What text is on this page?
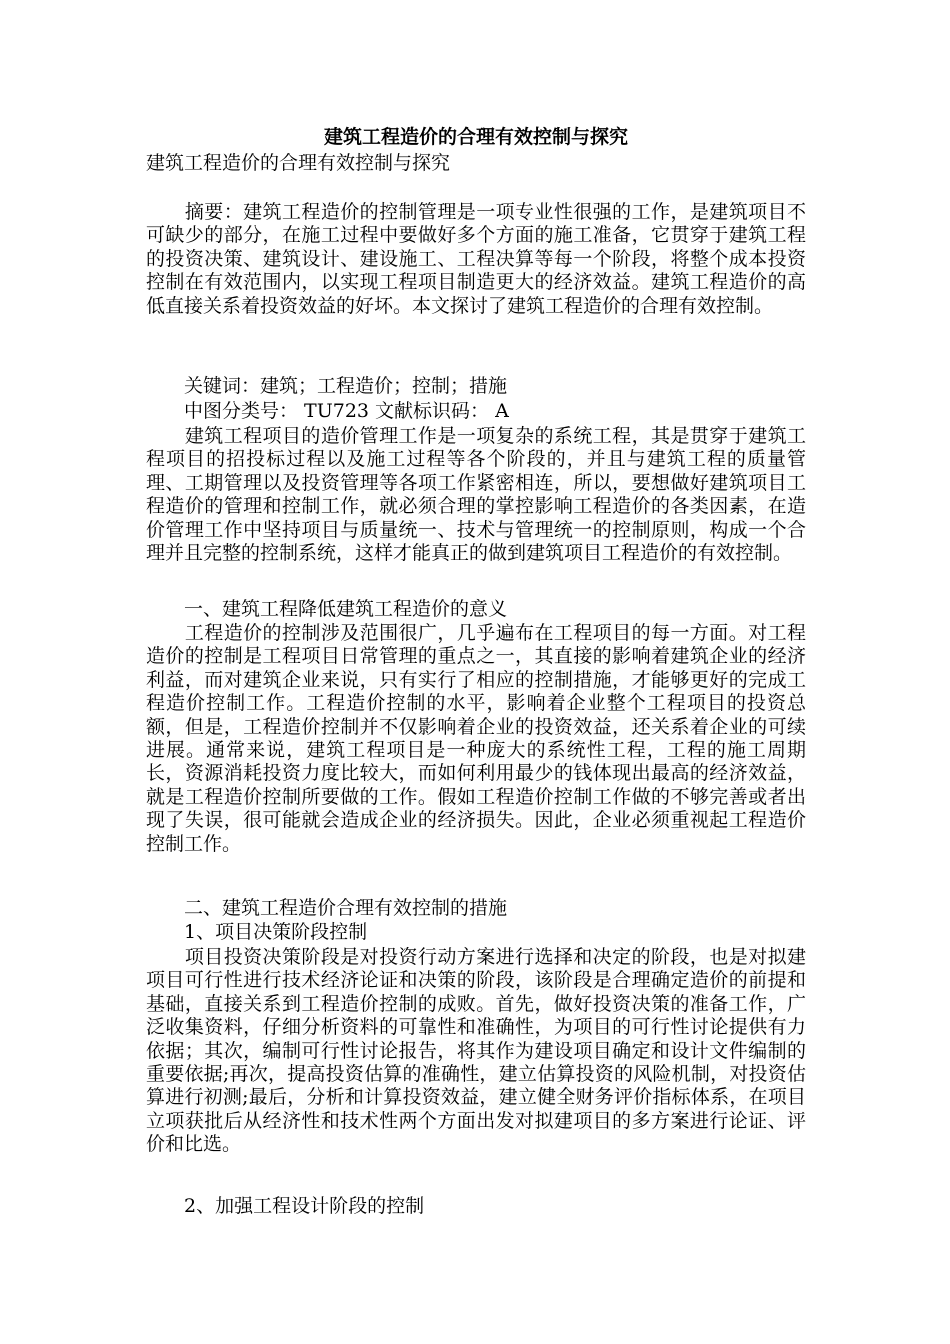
建筑工程造价的合理有效控制与探究
建筑工程造价的合理有效控制与探究

　　摘要：建筑工程造价的控制管理是一项专业性很强的工作，是建筑项目不可缺少的部分，在施工过程中要做好多个方面的施工准备，它贯穿于建筑工程的投资决策、建筑设计、建设施工、工程决算等每一个阶段，将整个成本投资控制在有效范围内，以实现工程项目制造更大的经济效益。建筑工程造价的高低直接关系着投资效益的好坏。本文探讨了建筑工程造价的合理有效控制。

　　关键词：建筑；工程造价；控制；措施
　　中图分类号： TU723 文献标识码： A

　　建筑工程项目的造价管理工作是一项复杂的系统工程，其是贯穿于建筑工程项目的招投标过程以及施工过程等各个阶段的，并且与建筑工程的质量管理、工期管理以及投资管理等各项工作紧密相连，所以，要想做好建筑项目工程造价的管理和控制工作，就必须合理的掌控影响工程造价的各类因素，在造价管理工作中坚持项目与质量统一、技术与管理统一的控制原则，构成一个合理并且完整的控制系统，这样才能真正的做到建筑项目工程造价的有效控制。

　　一、建筑工程降低建筑工程造价的意义

　　工程造价的控制涉及范围很广，几乎遍布在工程项目的每一方面。对工程造价的控制是工程项目日常管理的重点之一，其直接的影响着建筑企业的经济利益，而对建筑企业来说，只有实行了相应的控制措施，才能够更好的完成工程造价控制工作。工程造价控制的水平，影响着企业整个工程项目的投资总额，但是，工程造价控制并不仅影响着企业的投资效益，还关系着企业的可续进展。通常来说，建筑工程项目是一种庞大的系统性工程，工程的施工周期长，资源消耗投资力度比较大，而如何利用最少的钱体现出最高的经济效益，就是工程造价控制所要做的工作。假如工程造价控制工作做的不够完善或者出现了失误，很可能就会造成企业的经济损失。因此，企业必须重视起工程造价控制工作。

　　二、建筑工程造价合理有效控制的措施
　　1、项目决策阶段控制

　　项目投资决策阶段是对投资行动方案进行选择和决定的阶段，也是对拟建项目可行性进行技术经济论证和决策的阶段，该阶段是合理确定造价的前提和基础，直接关系到工程造价控制的成败。首先，做好投资决策的准备工作，广泛收集资料，仔细分析资料的可靠性和准确性，为项目的可行性讨论提供有力依据；其次，编制可行性讨论报告，将其作为建设项目确定和设计文件编制的重要依据;再次，提高投资估算的准确性，建立估算投资的风险机制，对投资估算进行初测;最后，分析和计算投资效益，建立健全财务评价指标体系，在项目立项获批后从经济性和技术性两个方面出发对拟建项目的多方案进行论证、评价和比选。

　　2、加强工程设计阶段的控制
